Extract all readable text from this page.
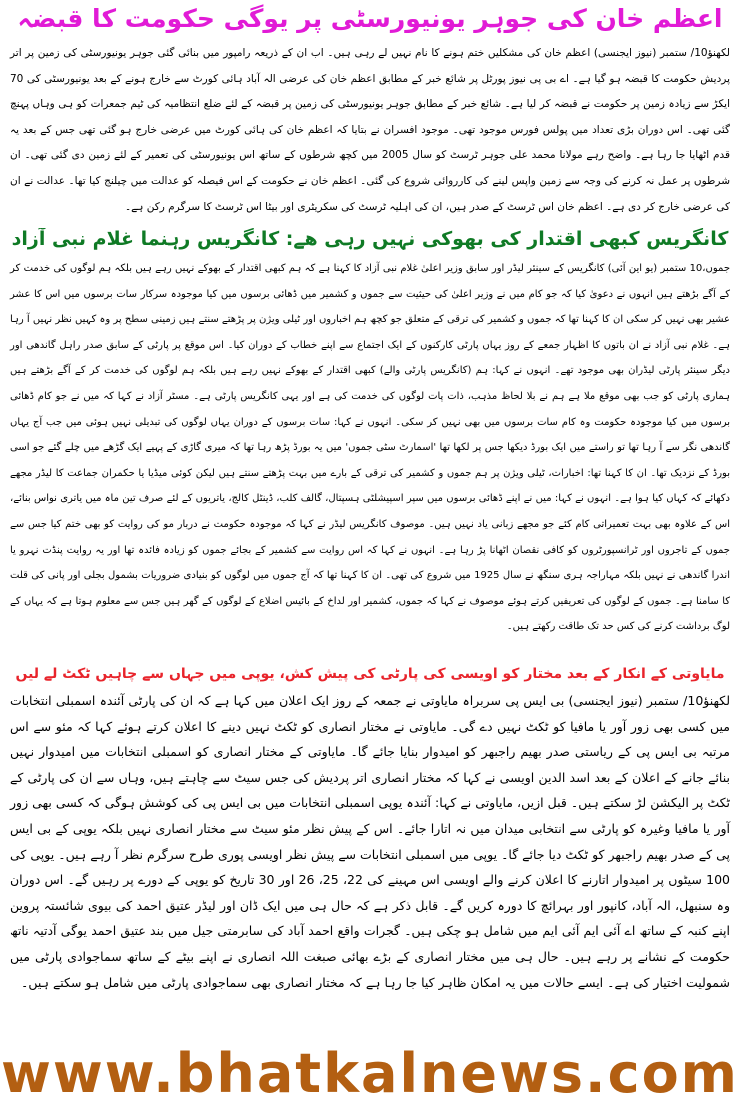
اعظم خان کی جوہر یونیورسٹی پر یوگی حکومت کا قبضہ

لکھنؤ10/ ستمبر (نیوز ایجنسی) اعظم خان کی مشکلیں ختم ہونے کا نام نہیں لے رہی ہیں۔ اب ان کے ذریعہ رامپور میں بنائی گئی جوہر یونیورسٹی کی زمین پر اتر پردیش حکومت کا قبضہ ہو گیا ہے۔ اے بی پی نیوز پورٹل پر شائع خبر کے مطابق اعظم خان کی عرضی الہ آباد ہائی کورٹ سے خارج ہونے کے بعد یونیورسٹی کی 70 ایکڑ سے زیادہ زمین پر حکومت نے قبضہ کر لیا ہے۔ شائع خبر کے مطابق جوہر یونیورسٹی کی زمین پر قبضہ کے لئے ضلع انتظامیہ کی ٹیم جمعرات کو ہی وہاں پہنچ گئی تھی۔ اس دوران بڑی تعداد میں پولس فورس موجود تھی۔ موجود افسران نے بتایا کہ اعظم خان کی ہائی کورٹ میں عرضی خارج ہو گئی تھی جس کے بعد یہ قدم اٹھایا جا رہا ہے۔ واضح رہے مولانا محمد علی جوہر ٹرسٹ کو سال 2005 میں کچھ شرطوں کے ساتھ اس یونیورسٹی کی تعمیر کے لئے زمین دی گئی تھی۔ ان شرطوں پر عمل نہ کرنے کی وجہ سے زمین واپس لینے کی کارروائی شروع کی گئی۔ اعظم خان نے حکومت کے اس فیصلہ کو عدالت میں چیلنج کیا تھا۔ عدالت نے ان کی عرضی خارج کر دی ہے۔ اعظم خان اس ٹرسٹ کے صدر ہیں، ان کی اہلیہ ٹرسٹ کی سکریٹری اور بیٹا اس ٹرسٹ کا سرگرم رکن ہے۔

کانگریس کبھی اقتدار کی بھوکی نہیں رہی ھے: کانگریس رہنما غلام نبی آزاد

جموں،10 ستمبر (یو این آئی) کانگریس کے سینئر لیڈر اور سابق وزیر اعلیٰ غلام نبی آزاد کا کہنا ہے کہ ہم کبھی اقتدار کے بھوکے نہیں رہے ہیں بلکہ ہم لوگوں کی خدمت کر کے آگے بڑھتے ہیں انہوں نے دعویٰ کیا کہ جو کام میں نے وزیر اعلیٰ کی حیثیت سے جموں و کشمیر میں ڈھائی برسوں میں کیا موجودہ سرکار سات برسوں میں اس کا عشر عشیر بھی نہیں کر سکی ان کا کہنا تھا کہ جموں و کشمیر کی ترقی کے متعلق جو کچھ ہم اخباروں اور ٹیلی ویژن پر پڑھتے سنتے ہیں زمینی سطح پر وہ کہیں نظر نہیں آ رہا ہے۔ غلام نبی آزاد نے ان باتوں کا اظہار جمعے کے روز یہاں پارٹی کارکنوں کے ایک اجتماع سے اپنے خطاب کے دوران کیا۔ اس موقع پر پارٹی کے سابق صدر راہل گاندھی اور دیگر سینئر پارٹی لیڈران بھی موجود تھے۔ انہوں نے کہا: ہم (کانگریس پارٹی والے) کبھی اقتدار کے بھوکے نہیں رہے ہیں بلکہ ہم لوگوں کی خدمت کر کے آگے بڑھتے ہیں ہماری پارٹی کو جب بھی موقع ملا ہے ہم نے بلا لحاظ مذہب، ذات پات لوگوں کی خدمت کی ہے اور یہی کانگریس پارٹی ہے۔ مسٹر آزاد نے کہا کہ میں نے جو کام ڈھائی برسوں میں کیا موجودہ حکومت وہ کام سات برسوں میں بھی نہیں کر سکی۔ انہوں نے کہا: سات برسوں کے دوران یہاں لوگوں کی تبدیلی نہیں ہوئی میں جب آج یہاں گاندھی نگر سے آ رہا تھا تو راستے میں ایک بورڈ دیکھا جس پر لکھا تھا 'اسمارٹ سٹی جموں' میں یہ بورڈ پڑھ رہا تھا کہ میری گاڑی کے پہیے ایک گڑھے میں چلے گئے جو اسی بورڈ کے نزدیک تھا۔ ان کا کہنا تھا: اخبارات، ٹیلی ویژن پر ہم جموں و کشمیر کی ترقی کے بارے میں بہت پڑھتے سنتے ہیں لیکن کوئی میڈیا یا حکمران جماعت کا لیڈر مجھے دکھائے کہ کہاں کیا ہوا ہے۔ انہوں نے کہا: میں نے اپنے ڈھائی برسوں میں سپر اسپیشلٹی ہسپتال، گالف کلب، ڈینٹل کالج، یاتریوں کے لئے صرف تین ماہ میں یاتری نواس بنائے، اس کے علاوہ بھی بہت تعمیراتی کام کئے جو مجھے زبانی یاد نہیں ہیں۔ موصوف کانگریس لیڈر نے کہا کہ موجودہ حکومت نے دربار مو کی روایت کو بھی ختم کیا جس سے جموں کے تاجروں اور ٹرانسپورٹروں کو کافی نقصان اٹھانا پڑ رہا ہے۔ انہوں نے کہا کہ اس روایت سے کشمیر کے بجائے جموں کو زیادہ فائدہ تھا اور یہ روایت پنڈت نہرو یا اندرا گاندھی نے نہیں بلکہ مہاراجہ ہری سنگھ نے سال 1925 میں شروع کی تھی۔ ان کا کہنا تھا کہ آج جموں میں لوگوں کو بنیادی ضروریات بشمول بجلی اور پانی کی قلت کا سامنا ہے۔ جموں کے لوگوں کی تعریفیں کرتے ہوئے موصوف نے کہا کہ جموں، کشمیر اور لداخ کے بائیس اضلاع کے لوگوں کے گھر ہیں جس سے معلوم ہوتا ہے کہ یہاں کے لوگ برداشت کرنے کی کس حد تک طاقت رکھتے ہیں۔

مایاوتی کے انکار کے بعد مختار کو اویسی کی پارٹی کی پیش کش، یوپی میں جہاں سے چاہیں ٹکٹ لے لیں

لکھنؤ10/ ستمبر (نیوز ایجنسی) بی ایس پی سربراہ مایاوتی نے جمعہ کے روز ایک اعلان میں کہا ہے کہ ان کی پارٹی آئندہ اسمبلی انتخابات میں کسی بھی زور آور یا مافیا کو ٹکٹ نہیں دے گی۔ مایاوتی نے مختار انصاری کو ٹکٹ نہیں دینے کا اعلان کرتے ہوئے کہا کہ مئو سے اس مرتبہ بی ایس پی کے ریاستی صدر بھیم راجبھر کو امیدوار بنایا جائے گا۔ مایاوتی کے مختار انصاری کو اسمبلی انتخابات میں امیدوار نہیں بنائے جانے کے اعلان کے بعد اسد الدین اویسی نے کہا کہ مختار انصاری اتر پردیش کی جس سیٹ سے چاہتے ہیں، وہاں سے ان کی پارٹی کے ٹکٹ پر الیکشن لڑ سکتے ہیں۔ قبل ازیں، مایاوتی نے کہا: آئندہ یوپی اسمبلی انتخابات میں بی ایس پی کی کوشش ہوگی کہ کسی بھی زور آور یا مافیا وغیرہ کو پارٹی سے انتخابی میدان میں نہ اتارا جائے۔ اس کے پیش نظر مئو سیٹ سے مختار انصاری نہیں بلکہ یوپی کے بی ایس پی کے صدر بھیم راجبھر کو ٹکٹ دیا جائے گا۔ یوپی میں اسمبلی انتخابات سے پیش نظر اویسی پوری طرح سرگرم نظر آ رہے ہیں۔ یوپی کی 100 سیٹوں پر امیدوار اتارنے کا اعلان کرنے والے اویسی اس مہینے کی 22، 25، 26 اور 30 تاریخ کو یوپی کے دورے پر رہیں گے۔ اس دوران وہ سنبھل، الہ آباد، کانپور اور بہرائچ کا دورہ کریں گے۔ قابل ذکر ہے کہ حال ہی میں ایک ڈان اور لیڈر عتیق احمد کی بیوی شائستہ پروین اپنے کنبہ کے ساتھ اے آئی ایم آئی ایم میں شامل ہو چکی ہیں۔ گجرات واقع احمد آباد کی سابرمتی جیل میں بند عتیق احمد یوگی آدتیہ ناتھ حکومت کے نشانے پر رہے ہیں۔ حال ہی میں مختار انصاری کے بڑے بھائی صبغت اللہ انصاری نے اپنے بیٹے کے ساتھ سماجوادی پارٹی میں شمولیت اختیار کی ہے۔ ایسے حالات میں یہ امکان ظاہر کیا جا رہا ہے کہ مختار انصاری بھی سماجوادی پارٹی میں شامل ہو سکتے ہیں۔

www.bhatkalnews.com
